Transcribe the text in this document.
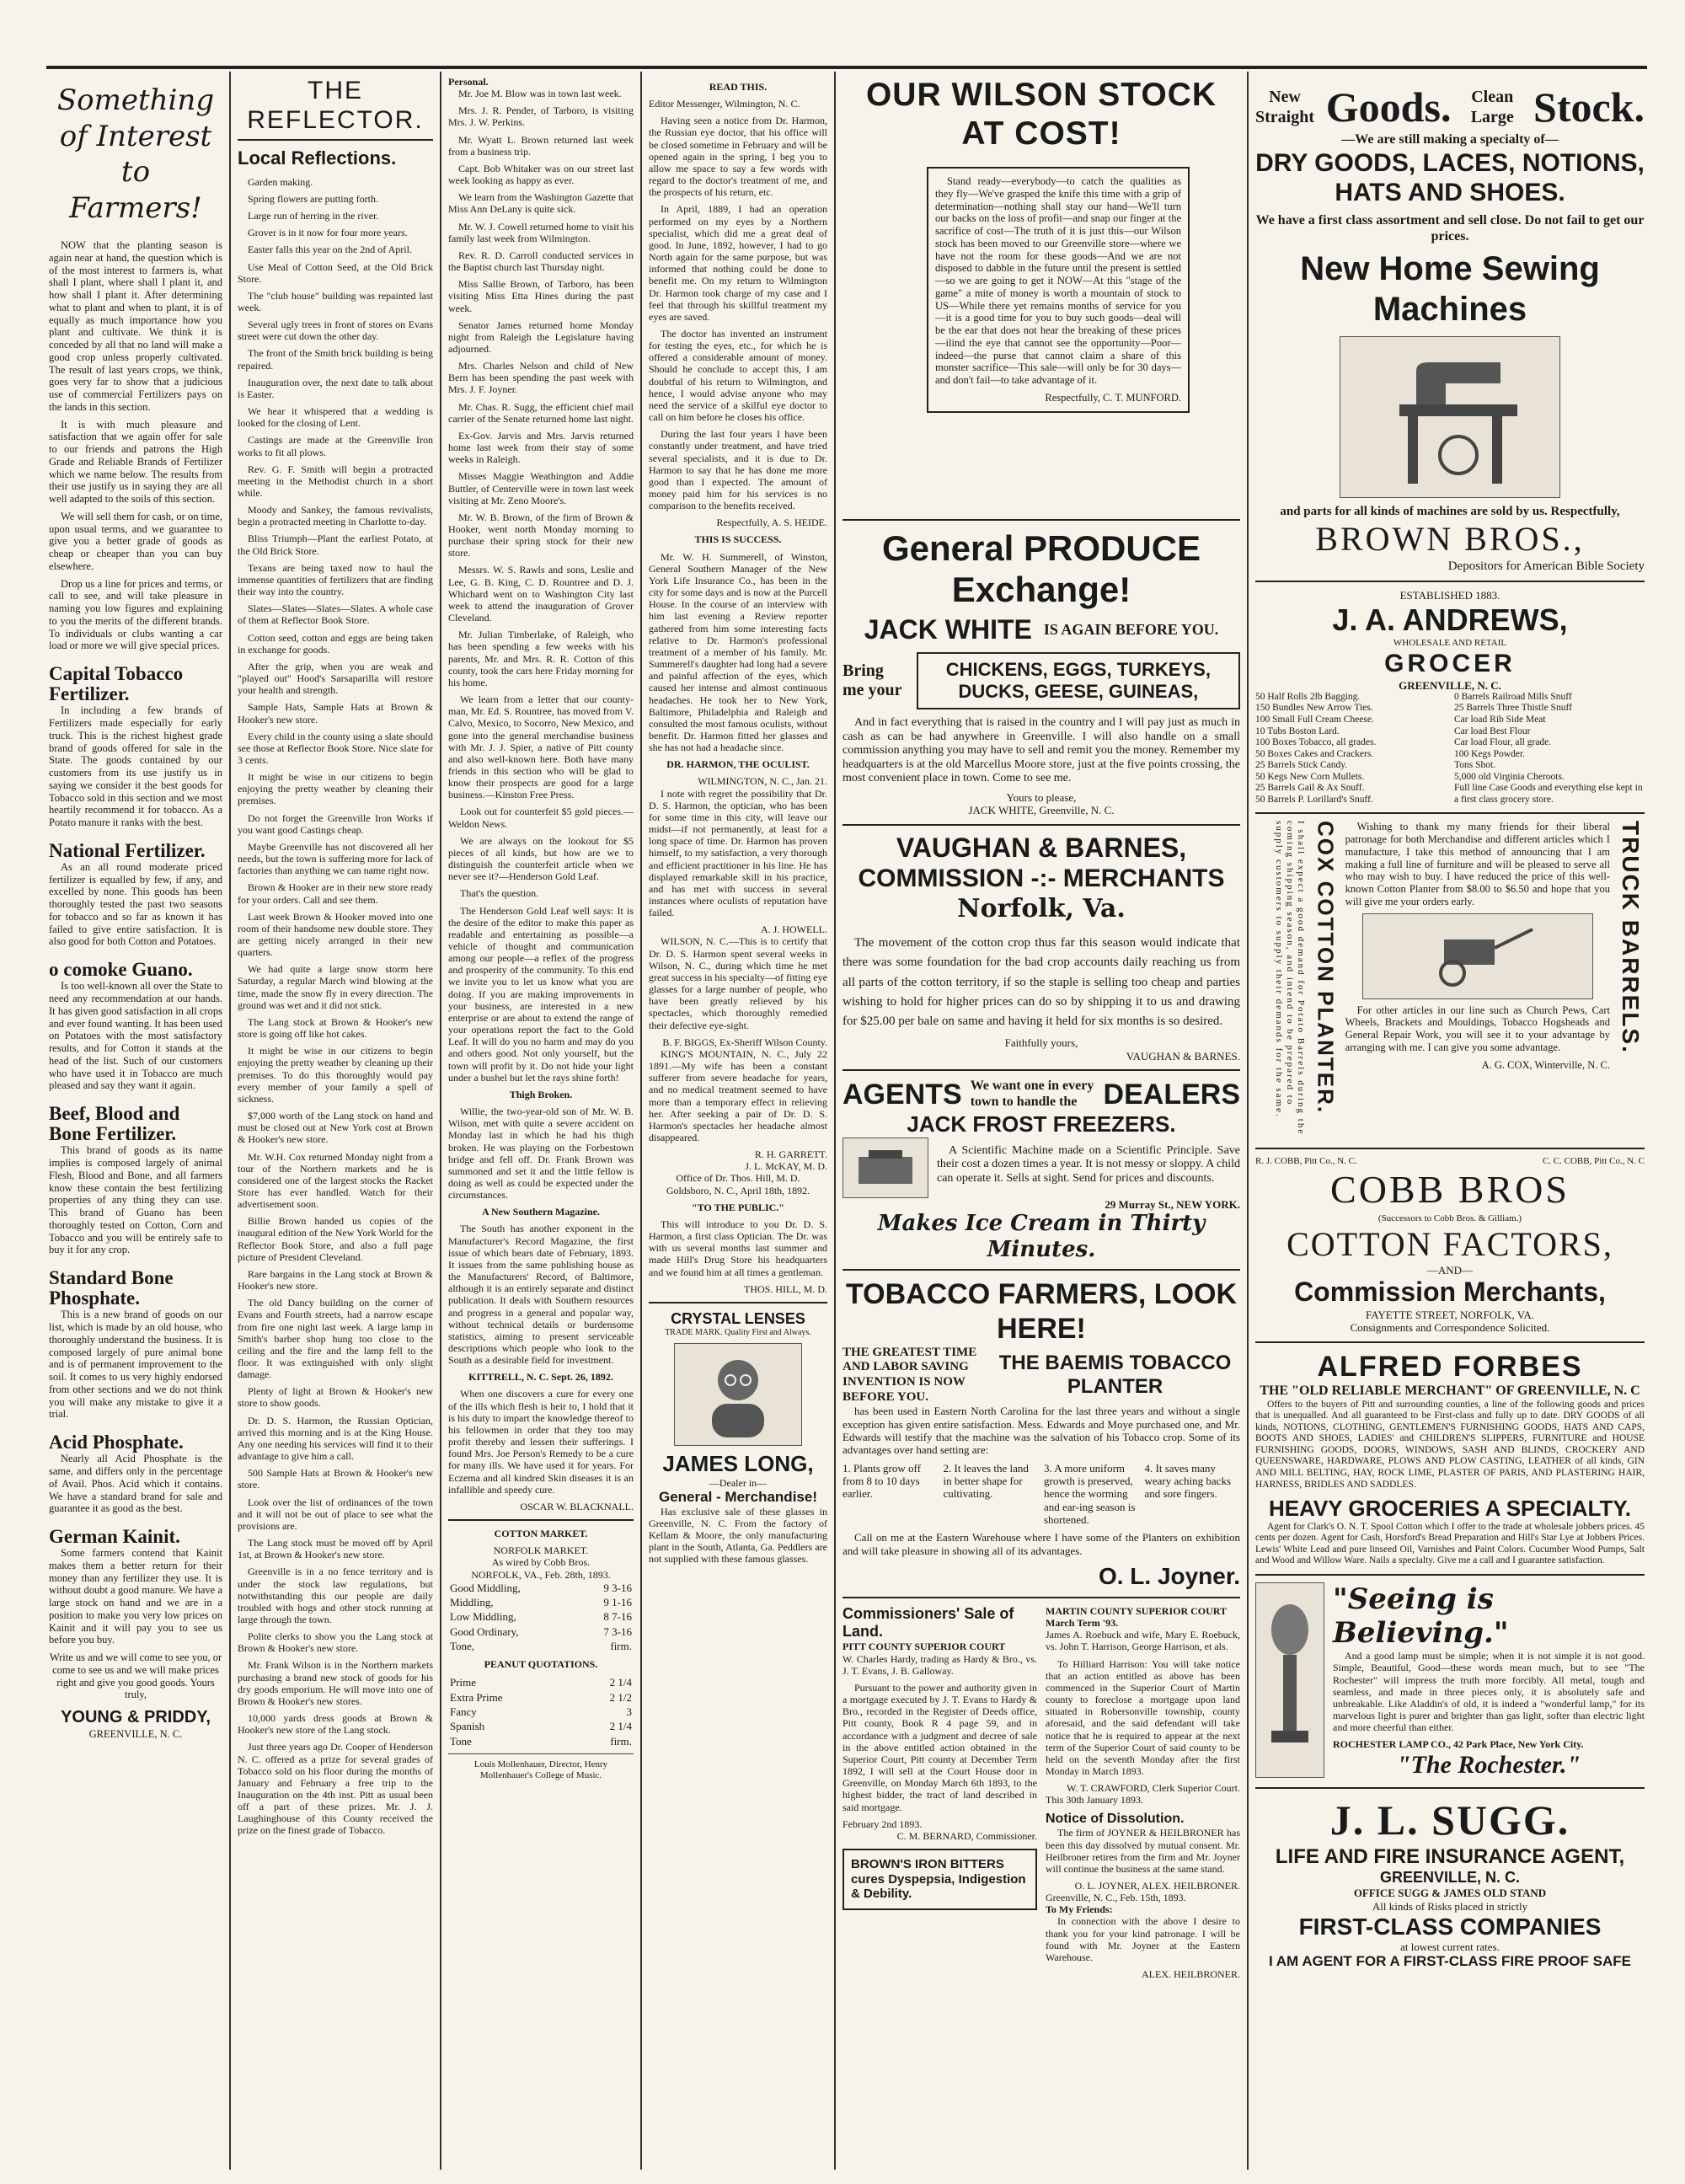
Something
of Interest to
Farmers!

NOW that the planting season is again near at hand, the question which is of the most interest to farmers is, what shall I plant, where shall I plant it, and how shall I plant it. After determining what to plant and when to plant, it is of equally as much importance how you plant and cultivate. We think it is conceded by all that no land will make a good crop unless properly cultivated. The result of last years crops, we think, goes very far to show that a judicious use of commercial Fertilizers pays on the lands in this section.

It is with much pleasure and satisfaction that we again offer for sale to our friends and patrons the High Grade and Reliable Brands of Fertilizer which we name below. The results from their use justify us in saying they are all well adapted to the soils of this section.

We will sell them for cash, or on time, upon usual terms, and we guarantee to give you a better grade of goods as cheap or cheaper than you can buy elsewhere.

Drop us a line for prices and terms, or call to see, and will take pleasure in naming you low figures and explaining to you the merits of the different brands. To individuals or clubs wanting a car load or more we will give special prices.

Capital Tobacco Fertilizer.

In including a few brands of Fertilizers made especially for early truck. This is the richest highest grade brand of goods offered for sale in the State. The goods contained by our customers from its use justify us in saying we consider it the best goods for Tobacco sold in this section and we most heartily recommend it for tobacco. As a Potato manure it ranks with the best.

National Fertilizer.

As an all round moderate priced fertilizer is equalled by few, if any, and excelled by none. This goods has been thoroughly tested the past two seasons for tobacco and so far as known it has failed to give entire satisfaction. It is also good for both Cotton and Potatoes.

o comoke Guano.

Is too well-known all over the State to need any recommendation at our hands. It has given good satisfaction in all crops and ever found wanting. It has been used on Potatoes with the most satisfactory results, and for Cotton it stands at the head of the list. Such of our customers who have used it in Tobacco are much pleased and say they want it again.

Beef, Blood and Bone Fertilizer.

This brand of goods as its name implies is composed largely of animal Flesh, Blood and Bone, and all farmers know these contain the best fertilizing properties of any thing they can use. This brand of Guano has been thoroughly tested on Cotton, Corn and Tobacco and you will be entirely safe to buy it for any crop.

Standard Bone Phosphate.

This is a new brand of goods on our list, which is made by an old house, who thoroughly understand the business. It is composed largely of pure animal bone and is of permanent improvement to the soil. It comes to us very highly endorsed from other sections and we do not think you will make any mistake to give it a trial.

Acid Phosphate.

Nearly all Acid Phosphate is the same, and differs only in the percentage of Avail. Phos. Acid which it contains. We have a standard brand for sale and guarantee it as good as the best.

German Kainit.

Some farmers contend that Kainit makes them a better return for their money than any fertilizer they use. It is without doubt a good manure. We have a large stock on hand and we are in a position to make you very low prices on Kainit and it will pay you to see us before you buy.

Write us and we will come to see you, or come to see us and we will make prices right and give you good goods. Yours truly,

YOUNG & PRIDDY,
GREENVILLE, N. C.
THE REFLECTOR.
Local Reflections.
Garden making.
Spring flowers are putting forth.
Large run of herring in the river.
Grover is in it now for four more years.
Easter falls this year on the 2nd of April.
Use Meal of Cotton Seed, at the Old Brick Store.
The "club house" building was repainted last week.
Several ugly trees in front of stores on Evans street were cut down the other day.
The front of the Smith brick building is being repaired.
Inauguration over, the next date to talk about is Easter.
We hear it whispered that a wedding is looked for the closing of Lent.
Castings are made at the Greenville Iron works to fit all plows.
Rev. G. F. Smith will begin a protracted meeting in the Methodist church in a short while.
Moody and Sankey, the famous revivalists, begin a protracted meeting in Charlotte to-day.
Bliss Triumph—Plant the earliest Potato, at the Old Brick Store.
Texans are being taxed now to haul the immense quantities of fertilizers that are finding their way into the country.
Slates—Slates—Slates—Slates. A whole case of them at Reflector Book Store.
Cotton seed, cotton and eggs are being taken in exchange for goods.
After the grip, when you are weak and "played out" Hood's Sarsaparilla will restore your health and strength.
Sample Hats, Sample Hats at Brown & Hooker's new store.
Every child in the county using a slate should see those at Reflector Book Store. Nice slate for 3 cents.
It might be wise in our citizens to begin enjoying the pretty weather by cleaning their premises.
Do not forget the Greenville Iron Works if you want good Castings cheap.
Maybe Greenville has not discovered all her needs, but the town is suffering more for lack of factories than anything we can name right now.
Brown & Hooker are in their new store ready for your orders. Call and see them.
Last week Brown & Hooker moved into one room of their handsome new double store. They are getting nicely arranged in their new quarters.
We had quite a large snow storm here Saturday, a regular March wind blowing at the time, made the snow fly in every direction. The ground was wet and it did not stick.
The Lang stock at Brown & Hooker's new store is going off like hot cakes.
It might be wise in our citizens to begin enjoying the pretty weather by cleaning up their premises. To do this thoroughly would pay every member of your family a spell of sickness.
$7,000 worth of the Lang stock on hand and must be closed out at New York cost at Brown & Hooker's new store.
Mr. W.H. Cox returned Monday night from a tour of the Northern markets and he is considered one of the largest stocks the Racket Store has ever handled. Watch for their advertisement soon.
Billie Brown handed us copies of the inaugural edition of the New York World for the Reflector Book Store, and also a full page picture of President Cleveland.
Rare bargains in the Lang stock at Brown & Hooker's new store.
The old Dancy building on the corner of Evans and Fourth streets, had a narrow escape from fire one night last week. A large lamp in Smith's barber shop hung too close to the ceiling and the fire and the lamp fell to the floor. It was extinguished with only slight damage.
Plenty of light at Brown & Hooker's new store to show goods.
Dr. D. S. Harmon, the Russian Optician, arrived this morning and is at the King House. Any one needing his services will find it to their advantage to give him a call.
500 Sample Hats at Brown & Hooker's new store.
Look over the list of ordinances of the town and it will not be out of place to see what the provisions are.
The Lang stock must be moved off by April 1st, at Brown & Hooker's new store.
Greenville is in a no fence territory and is under the stock law regulations, but notwithstanding this our people are daily troubled with hogs and other stock running at large through the town.
Polite clerks to show you the Lang stock at Brown & Hooker's new store.
Mr. Frank Wilson is in the Northern markets purchasing a brand new stock of goods for his dry goods emporium. He will move into one of Brown & Hooker's new stores.
10,000 yards dress goods at Brown & Hooker's new store of the Lang stock.
Just three years ago Dr. Cooper of Henderson N. C. offered as a prize for several grades of Tobacco sold on his floor during the months of January and February a free trip to the Inauguration on the 4th inst. Pitt as usual been off a part of these prizes. Mr. J. J. Laughinghouse of this County received the prize on the finest grade of Tobacco.
Personal.
Mr. Joe M. Blow was in town last week.
Mrs. J. R. Pender, of Tarboro, is visiting Mrs. J. W. Perkins.
Mr. Wyatt L. Brown returned last week from a business trip.
Capt. Bob Whitaker was on our street last week looking as happy as ever.
We learn from the Washington Gazette that Miss Ann DeLany is quite sick.
Mr. W. J. Cowell returned home to visit his family last week from Wilmington.
Rev. R. D. Carroll conducted services in the Baptist church last Thursday night.
Miss Sallie Brown, of Tarboro, has been visiting Miss Etta Hines during the past week.
Senator James returned home Monday night from Raleigh the Legislature having adjourned.
Mrs. Charles Nelson and child of New Bern has been spending the past week with Mrs. J. F. Joyner.
Mr. Chas. R. Sugg, the efficient chief mail carrier of the Senate returned home last night.
Ex-Gov. Jarvis and Mrs. Jarvis returned home last week from their stay of some weeks in Raleigh.
Misses Maggie Weathington and Addie Buttler, of Centerville were in town last week visiting at Mr. Zeno Moore's.
Mr. W. B. Brown, of the firm of Brown & Hooker, went north Monday morning to purchase their spring stock for their new store.
Messrs. W. S. Rawls and sons, Leslie and Lee, G. B. King, C. D. Rountree and D. J. Whichard went on to Washington City last week to attend the inauguration of Grover Cleveland.
Mr. Julian Timberlake, of Raleigh, who has been spending a few weeks with his parents, Mr. and Mrs. R. R. Cotton of this county, took the cars here Friday morning for his home.

We learn from a letter that our county-man, Mr. Ed. S. Rountree, has moved from V. Calvo, Mexico, to Socorro, New Mexico, and gone into the general merchandise business with Mr. J. J. Spier, a native of Pitt county and also well-known here. Both have many friends in this section who will be glad to know their prospects are good for a large business.—Kinston Free Press.

Look out for counterfeit $5 gold pieces.—Weldon News.

We are always on the lookout for $5 pieces of all kinds, but how are we to distinguish the counterfeit article when we never see it?—Henderson Gold Leaf.

That's the question.

The Henderson Gold Leaf well says: It is the desire of the editor to make this paper as readable and entertaining as possible—a vehicle of thought and communication among our people—a reflex of the progress and prosperity of the community. To this end we invite you to let us know what you are doing. If you are making improvements in your business, are interested in a new enterprise or are about to extend the range of your operations report the fact to the Gold Leaf. It will do you no harm and may do you and others good. Not only yourself, but the town will profit by it. Do not hide your light under a bushel but let the rays shine forth!

Thigh Broken.

Willie, the two-year-old son of Mr. W. B. Wilson, met with quite a severe accident on Monday last in which he had his thigh broken. He was playing on the Forbestown bridge and fell off. Dr. Frank Brown was summoned and set it and the little fellow is doing as well as could be expected under the circumstances.

A New Southern Magazine.

The South has another exponent in the Manufacturer's Record Magazine, the first issue of which bears date of February, 1893. It issues from the same publishing house as the Manufacturers' Record, of Baltimore, although it is an entirely separate and distinct publication. It deals with Southern resources and progress in a general and popular way, without technical details or burdensome statistics, aiming to present serviceable descriptions which people who look to the South as a desirable field for investment.

KITTRELL, N. C. Sept. 26, 1892.

When one discovers a cure for every one of the ills which flesh is heir to, I hold that it is his duty to impart the knowledge thereof to his fellowmen in order that they too may profit thereby and lessen their sufferings. I found Mrs. Joe Person's Remedy to be a cure for many ills. We have used it for years. For Eczema and all kindred Skin diseases it is an infallible and speedy cure.

OSCAR W. BLACKNALL.
COTTON MARKET.
NORFOLK MARKET.
As wired by Cobb Bros.
NORFOLK, VA., Feb. 28th, 1893.
Good Middling,	9 3-16
Middling,	9 1-16
Low Middling,	8 7-16
Good Ordinary,	7 3-16
Tone,	firm.
PEANUT QUOTATIONS.
Prime	2 1/4
Extra Prime	2 1/2
Fancy	3
Spanish	2 1/4
Tone	firm.
Louis Mollenhauer, Director, Henry Mollenhauer's College of Music.
READ THIS.

Editor Messenger, Wilmington, N. C.

Having seen a notice from Dr. Harmon, the Russian eye doctor, that his office will be closed sometime in February and will be opened again in the spring, I beg you to allow me space to say a few words with regard to the doctor's treatment of me, and the prospects of his return, etc.

In April, 1889, I had an operation performed on my eyes by a Northern specialist, which did me a great deal of good. In June, 1892, however, I had to go North again for the same purpose, but was informed that nothing could be done to benefit me. On my return to Wilmington Dr. Harmon took charge of my case and I feel that through his skillful treatment my eyes are saved.

The doctor has invented an instrument for testing the eyes, etc., for which he is offered a considerable amount of money. Should he conclude to accept this, I am doubtful of his return to Wilmington, and hence, I would advise anyone who may need the service of a skilful eye doctor to call on him before he closes his office.

During the last four years I have been constantly under treatment, and have tried several specialists, and it is due to Dr. Harmon to say that he has done me more good than I expected. The amount of money paid him for his services is no comparison to the benefits received.

Respectfully, A. S. HEIDE.
THIS IS SUCCESS.

Mr. W. H. Summerell, of Winston, General Southern Manager of the New York Life Insurance Co., has been in the city for some days and is now at the Purcell House. In the course of an interview with him last evening a Review reporter gathered from him some interesting facts relative to Dr. Harmon's professional treatment of a member of his family. Mr. Summerell's daughter had long had a severe and painful affection of the eyes, which caused her intense and almost continuous headaches. He took her to New York, Baltimore, Philadelphia and Raleigh and consulted the most famous oculists, without benefit. Dr. Harmon fitted her glasses and she has not had a headache since.

DR. HARMON, THE OCULIST.
WILMINGTON, N. C., Jan. 21.

I note with regret the possibility that Dr. D. S. Harmon, the optician, who has been for some time in this city, will leave our midst—if not permanently, at least for a long space of time. Dr. Harmon has proven himself, to my satisfaction, a very thorough and efficient practitioner in his line. He has displayed remarkable skill in his practice, and has met with success in several instances where oculists of reputation have failed.

A. J. HOWELL.

WILSON, N. C.—This is to certify that Dr. D. S. Harmon spent several weeks in Wilson, N. C., during which time he met great success in his specialty—of fitting eye glasses for a large number of people, who have been greatly relieved by his spectacles, which thoroughly remedied their defective eye-sight.

B. F. BIGGS, Ex-Sheriff Wilson County.

KING'S MOUNTAIN, N. C., July 22 1891.—My wife has been a constant sufferer from severe headache for years, and no medical treatment seemed to have more than a temporary effect in relieving her. After seeking a pair of Dr. D. S. Harmon's spectacles her headache almost disappeared.

R. H. GARRETT.
J. L. McKAY, M. D.
Office of Dr. Thos. Hill, M. D.
Goldsboro, N. C., April 18th, 1892.
"TO THE PUBLIC."

This will introduce to you Dr. D. S. Harmon, a first class Optician. The Dr. was with us several months last summer and made Hill's Drug Store his headquarters and we found him at all times a gentleman.

THOS. HILL, M. D.
CRYSTAL LENSES
TRADE MARK. Quality First and Always.
JAMES LONG,
—Dealer in—
General - Merchandise!

Has exclusive sale of these glasses in Greenville, N. C. From the factory of Kellam & Moore, the only manufacturing plant in the South, Atlanta, Ga. Peddlers are not supplied with these famous glasses.

OUR WILSON STOCK AT COST!

Stand ready—everybody—to catch the qualities as they fly—We've grasped the knife this time with a grip of determination—nothing shall stay our hand—We'll turn our backs on the loss of profit—and snap our finger at the sacrifice of cost—The truth of it is just this—our Wilson stock has been moved to our Greenville store—where we have not the room for these goods—And we are not disposed to dabble in the future until the present is settled—so we are going to get it NOW—At this "stage of the game" a mite of money is worth a mountain of stock to US—While there yet remains months of service for you—it is a good time for you to buy such goods—deal will be the ear that does not hear the breaking of these prices—ilind the eye that cannot see the opportunity—Poor—indeed—the purse that cannot claim a share of this monster sacrifice—This sale—will only be for 30 days—and don't fail—to take advantage of it.

Respectfully, C. T. MUNFORD.
General PRODUCE Exchange!
JACK WHITE IS AGAIN BEFORE YOU.
Bring me your
CHICKENS, EGGS, TURKEYS, DUCKS, GEESE, GUINEAS,

And in fact everything that is raised in the country and I will pay just as much in cash as can be had anywhere in Greenville. I will also handle on a small commission anything you may have to sell and remit you the money. Remember my headquarters is at the old Marcellus Moore store, just at the five points crossing, the most convenient place in town. Come to see me.

Yours to please,
JACK WHITE, Greenville, N. C.
VAUGHAN & BARNES,
COMMISSION -:- MERCHANTS
Norfolk, Va.

The movement of the cotton crop thus far this season would indicate that there was some foundation for the bad crop accounts daily reaching us from all parts of the cotton territory, if so the staple is selling too cheap and parties wishing to hold for higher prices can do so by shipping it to us and drawing for $25.00 per bale on same and having it held for six months is so desired.

Faithfully yours,
VAUGHAN & BARNES.
AGENTS We want one in every town to handle the DEALERS
JACK FROST FREEZERS.

A Scientific Machine made on a Scientific Principle. Save their cost a dozen times a year. It is not messy or sloppy. A child can operate it. Sells at sight. Send for prices and discounts.

29 Murray St., NEW YORK.
Makes Ice Cream in Thirty Minutes.
TOBACCO FARMERS, LOOK HERE!
THE GREATEST TIME AND LABOR SAVING INVENTION IS NOW BEFORE YOU.
THE BAEMIS TOBACCO PLANTER

has been used in Eastern North Carolina for the last three years and without a single exception has given entire satisfaction. Mess. Edwards and Moye purchased one, and Mr. Edwards will testify that the machine was the salvation of his Tobacco crop. Some of its advantages over hand setting are:

1. Plants grow off from 8 to 10 days earlier.
2. It leaves the land in better shape for cultivating.
3. A more uniform growth is preserved, hence the worming and ear-ing season is shortened.
4. It saves many weary aching backs and sore fingers.

Call on me at the Eastern Warehouse where I have some of the Planters on exhibition and will take pleasure in showing all of its advantages.

O. L. Joyner.
Commissioners' Sale of Land.
PITT COUNTY SUPERIOR COURT

W. Charles Hardy, trading as Hardy & Bro., vs. J. T. Evans, J. B. Galloway.

Pursuant to the power and authority given in a mortgage executed by J. T. Evans to Hardy & Bro., recorded in the Register of Deeds office, Pitt county, Book R 4 page 59, and in accordance with a judgment and decree of sale in the above entitled action obtained in the Superior Court, Pitt county at December Term 1892, I will sell at the Court House door in Greenville, on Monday March 6th 1893, to the highest bidder, the tract of land described in said mortgage.

February 2nd 1893.
C. M. BERNARD, Commissioner.
BROWN'S IRON BITTERS cures Dyspepsia, Indigestion & Debility.
MARTIN COUNTY SUPERIOR COURT March Term '93.

James A. Roebuck and wife, Mary E. Roebuck, vs. John T. Harrison, George Harrison, et als.

To Hilliard Harrison: You will take notice that an action entitled as above has been commenced in the Superior Court of Martin county to foreclose a mortgage upon land situated in Robersonville township, county aforesaid, and the said defendant will take notice that he is required to appear at the next term of the Superior Court of said county to be held on the seventh Monday after the first Monday in March 1893.

W. T. CRAWFORD, Clerk Superior Court.
This 30th January 1893.
Notice of Dissolution.

The firm of JOYNER & HEILBRONER has been this day dissolved by mutual consent. Mr. Heilbroner retires from the firm and Mr. Joyner will continue the business at the same stand.

O. L. JOYNER, ALEX. HEILBRONER.
Greenville, N. C., Feb. 15th, 1893.
To My Friends:

In connection with the above I desire to thank you for your kind patronage. I will be found with Mr. Joyner at the Eastern Warehouse.

ALEX. HEILBRONER.
New Straight Goods.	Clean Large Stock.
—We are still making a specialty of—
DRY GOODS, LACES, NOTIONS, HATS AND SHOES.
We have a first class assortment and sell close. Do not fail to get our prices.
New Home Sewing Machines
and parts for all kinds of machines are sold by us. Respectfully,
BROWN BROS.,
Depositors for American Bible Society
ESTABLISHED 1883.
J. A. ANDREWS,
WHOLESALE AND RETAIL
GROCER
GREENVILLE, N. C.
50 Half Rolls 2lb Bagging.
150 Bundles New Arrow Ties.
100 Small Full Cream Cheese.
10 Tubs Boston Lard.
100 Boxes Tobacco, all grades.
50 Boxes Cakes and Crackers.
25 Barrels Stick Candy.
50 Kegs New Corn Mullets.
25 Barrels Gail & Ax Snuff.
50 Barrels P. Lorillard's Snuff.
0 Barrels Railroad Mills Snuff
25 Barrels Three Thistle Snuff
Car load Rib Side Meat
Car load Best Flour
Car load Flour, all grade.
100 Kegs Powder.
Tons Shot.
5,000 old Virginia Cheroots.
Full line Case Goods and everything else kept in a first class grocery store.
I shall expect a good demand for Potato Barrels during the coming shipping season, and intend to be prepared to supply customers to supply their demands for the same.	COX COTTON PLANTER.	Wishing to thank my many friends for their liberal patronage for both Merchandise and different articles which I manufacture, I take this method of announcing that I am making a full line of furniture and will be pleased to serve all who may wish to buy. I have reduced the price of this well-known Cotton Planter from $8.00 to $6.50 and hope that you will give me your orders early.

For other articles in our line such as Church Pews, Cart Wheels, Brackets and Mouldings, Tobacco Hogsheads and General Repair Work, you will see it to your advantage by arranging with me. I can give you some advantage.

A. G. COX, Winterville, N. C.
TRUCK BARRELS.
R. J. COBB, Pitt Co., N. C.	C. C. COBB, Pitt Co., N. C
COBB BROS
(Successors to Cobb Bros. & Gilliam.)
COTTON FACTORS,
—AND—
Commission Merchants,
FAYETTE STREET, NORFOLK, VA.
Consignments and Correspondence Solicited.
ALFRED FORBES
THE "OLD RELIABLE MERCHANT" OF GREENVILLE, N. C

Offers to the buyers of Pitt and surrounding counties, a line of the following goods and prices that is unequalled. And all guaranteed to be First-class and fully up to date. DRY GOODS of all kinds, NOTIONS, CLOTHING, GENTLEMEN'S FURNISHING GOODS, HATS AND CAPS, BOOTS AND SHOES, LADIES' and CHILDREN'S SLIPPERS, FURNITURE and HOUSE FURNISHING GOODS, DOORS, WINDOWS, SASH AND BLINDS, CROCKERY AND QUEENSWARE, HARDWARE, PLOWS AND PLOW CASTING, LEATHER of all kinds, GIN AND MILL BELTING, HAY, ROCK LIME, PLASTER OF PARIS, AND PLASTERING HAIR, HARNESS, BRIDLES AND SADDLES.

HEAVY GROCERIES A SPECIALTY.

Agent for Clark's O. N. T. Spool Cotton which I offer to the trade at wholesale jobbers prices. 45 cents per dozen. Agent for Cash, Horsford's Bread Preparation and Hill's Star Lye at Jobbers Prices. Lewis' White Lead and pure linseed Oil, Varnishes and Paint Colors. Cucumber Wood Pumps, Salt and Wood and Willow Ware. Nails a specialty. Give me a call and I guarantee satisfaction.

"Seeing is Believing."

And a good lamp must be simple; when it is not simple it is not good. Simple, Beautiful, Good—these words mean much, but to see "The Rochester" will impress the truth more forcibly. All metal, tough and seamless, and made in three pieces only, it is absolutely safe and unbreakable. Like Aladdin's of old, it is indeed a "wonderful lamp," for its marvelous light is purer and brighter than gas light, softer than electric light and more cheerful than either.

ROCHESTER LAMP CO., 42 Park Place, New York City.
"The Rochester."
J. L. SUGG.
LIFE AND FIRE INSURANCE AGENT,
GREENVILLE, N. C.
OFFICE SUGG & JAMES OLD STAND
All kinds of Risks placed in strictly
FIRST-CLASS COMPANIES
at lowest current rates.
I AM AGENT FOR A FIRST-CLASS FIRE PROOF SAFE
